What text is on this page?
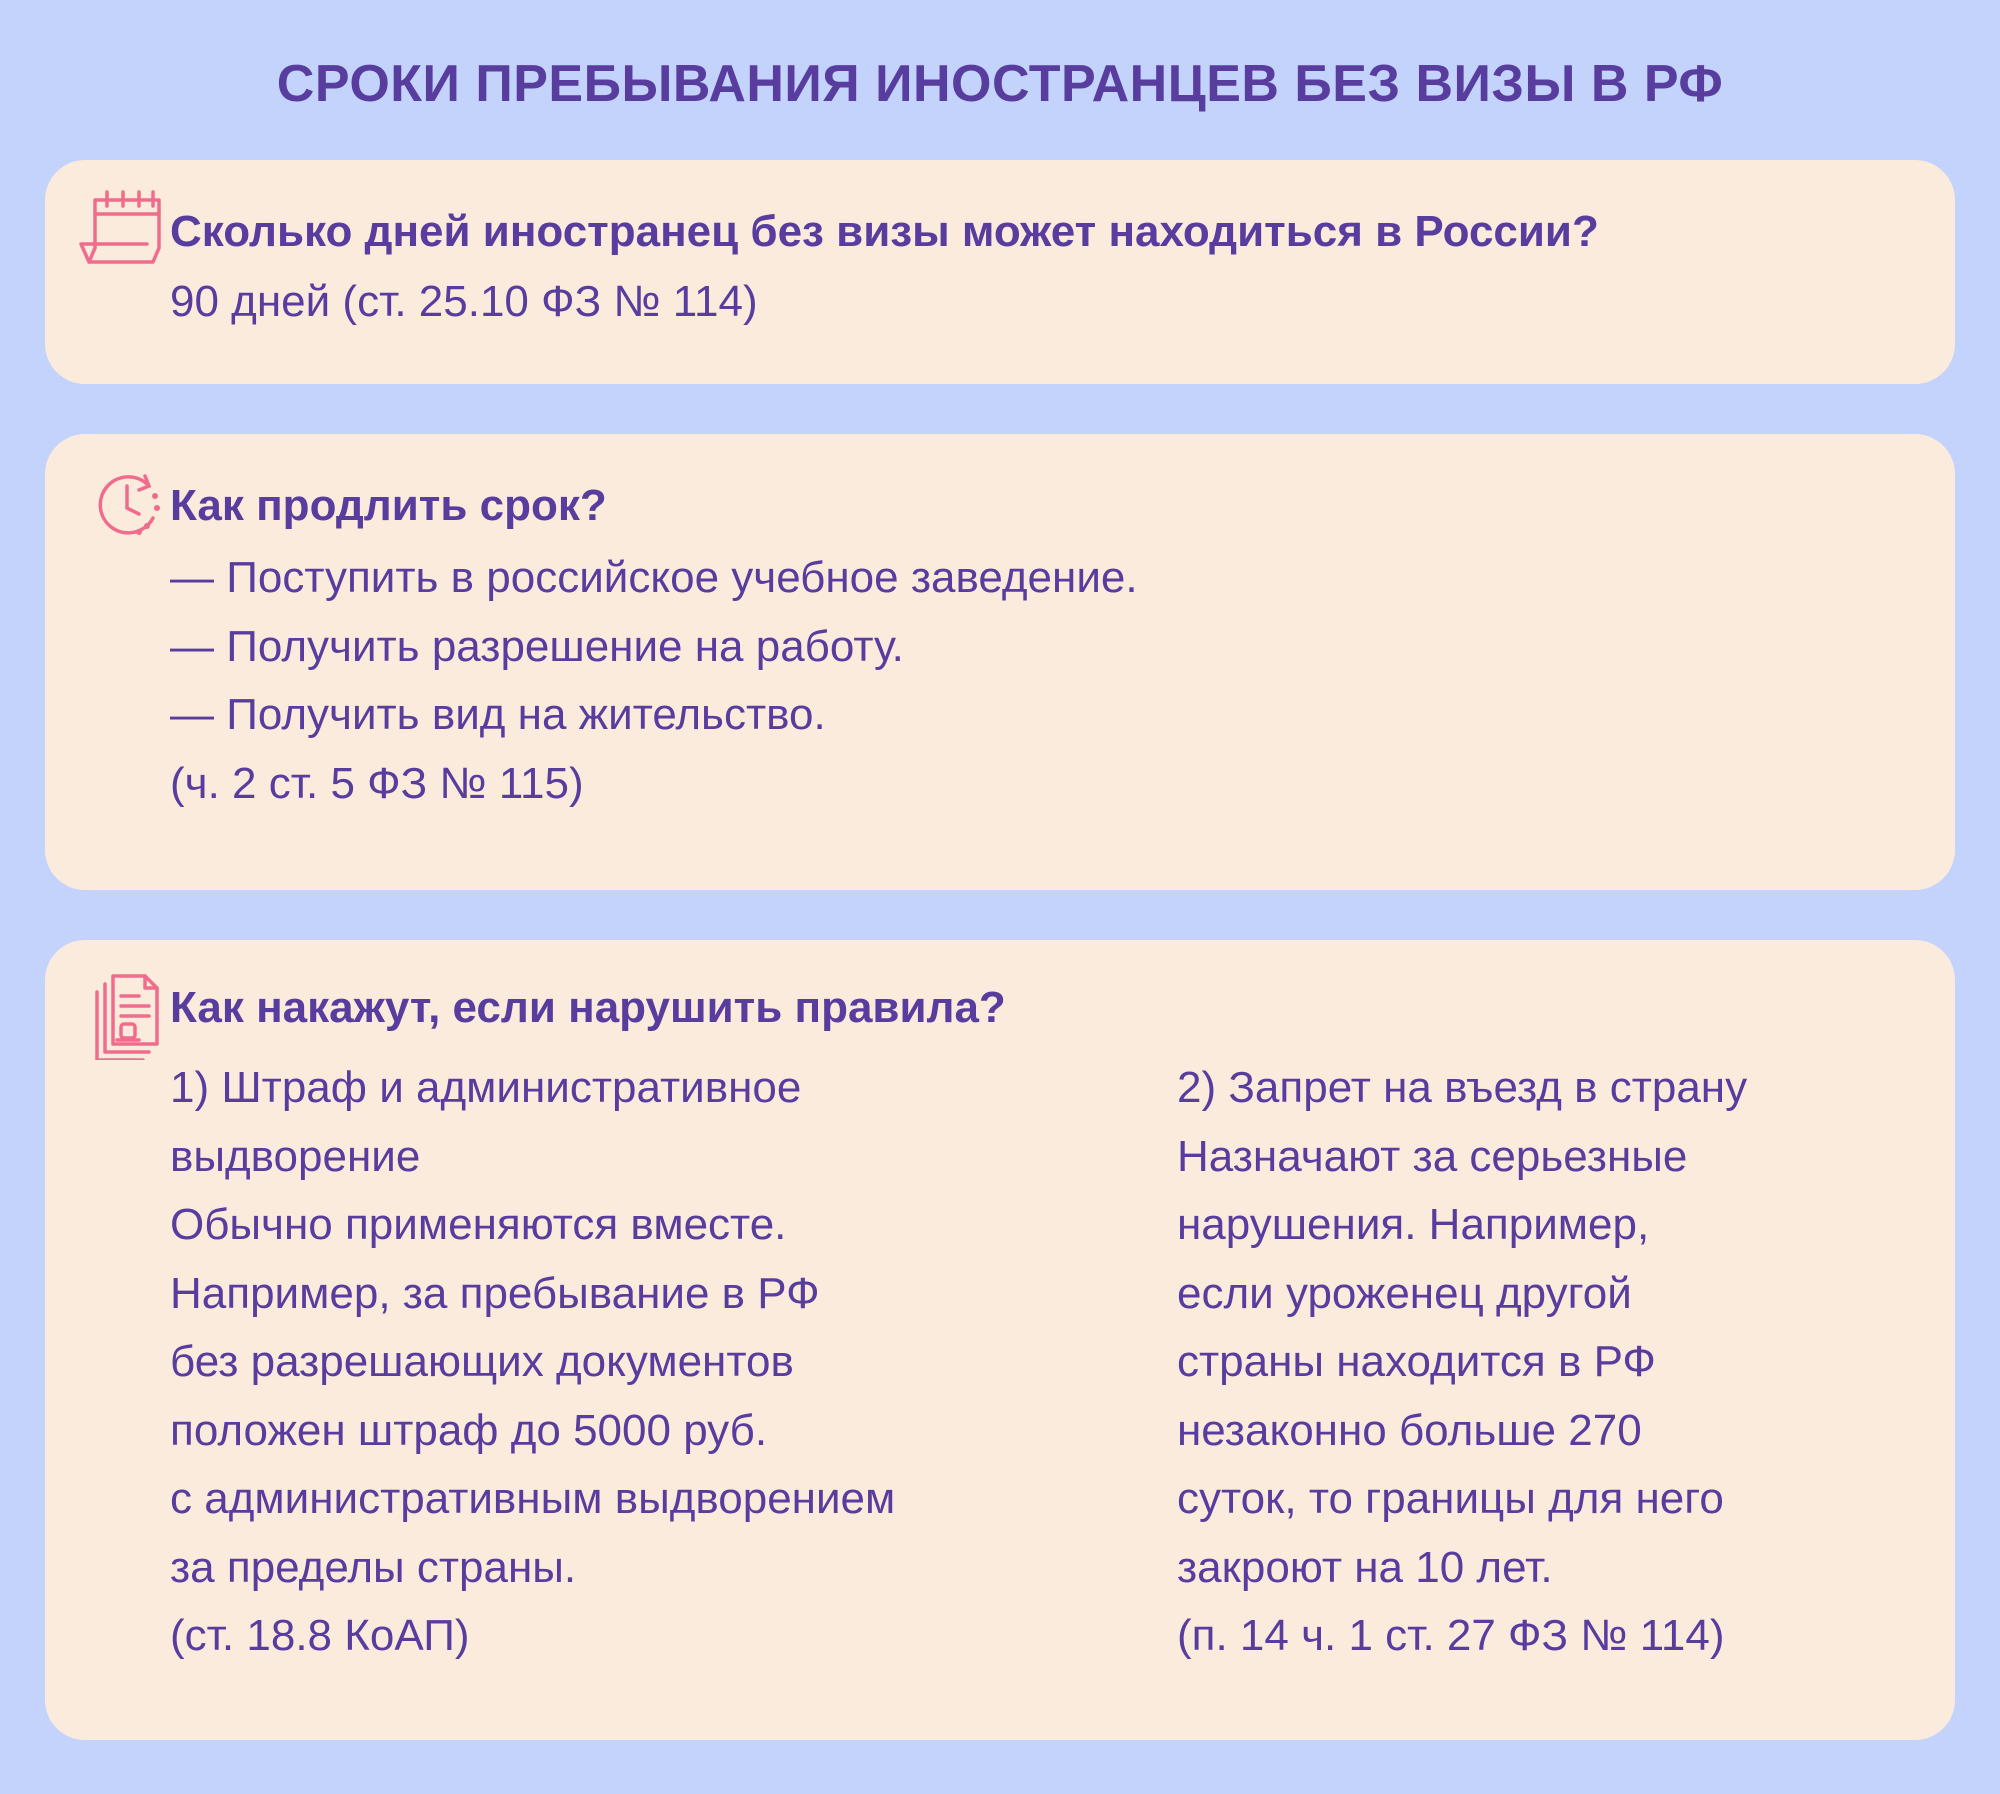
СРОКИ ПРЕБЫВАНИЯ ИНОСТРАНЦЕВ БЕЗ ВИЗЫ В РФ
Сколько дней иностранец без визы может находиться в России?
90 дней (ст. 25.10 ФЗ № 114)
Как продлить срок?
— Поступить в российское учебное заведение.
— Получить разрешение на работу.
— Получить вид на жительство.
(ч. 2 ст. 5 ФЗ № 115)
Как накажут, если нарушить правила?
1) Штраф и административное
выдворение
Обычно применяются вместе.
Например, за пребывание в РФ
без разрешающих документов
положен штраф до 5000 руб.
с административным выдворением
за пределы страны.
(ст. 18.8 КоАП)
2) Запрет на въезд в страну
Назначают за серьезные
нарушения. Например,
если уроженец другой
страны находится в РФ
незаконно больше 270
суток, то границы для него
закроют на 10 лет.
(п. 14 ч. 1 ст. 27 ФЗ № 114)
